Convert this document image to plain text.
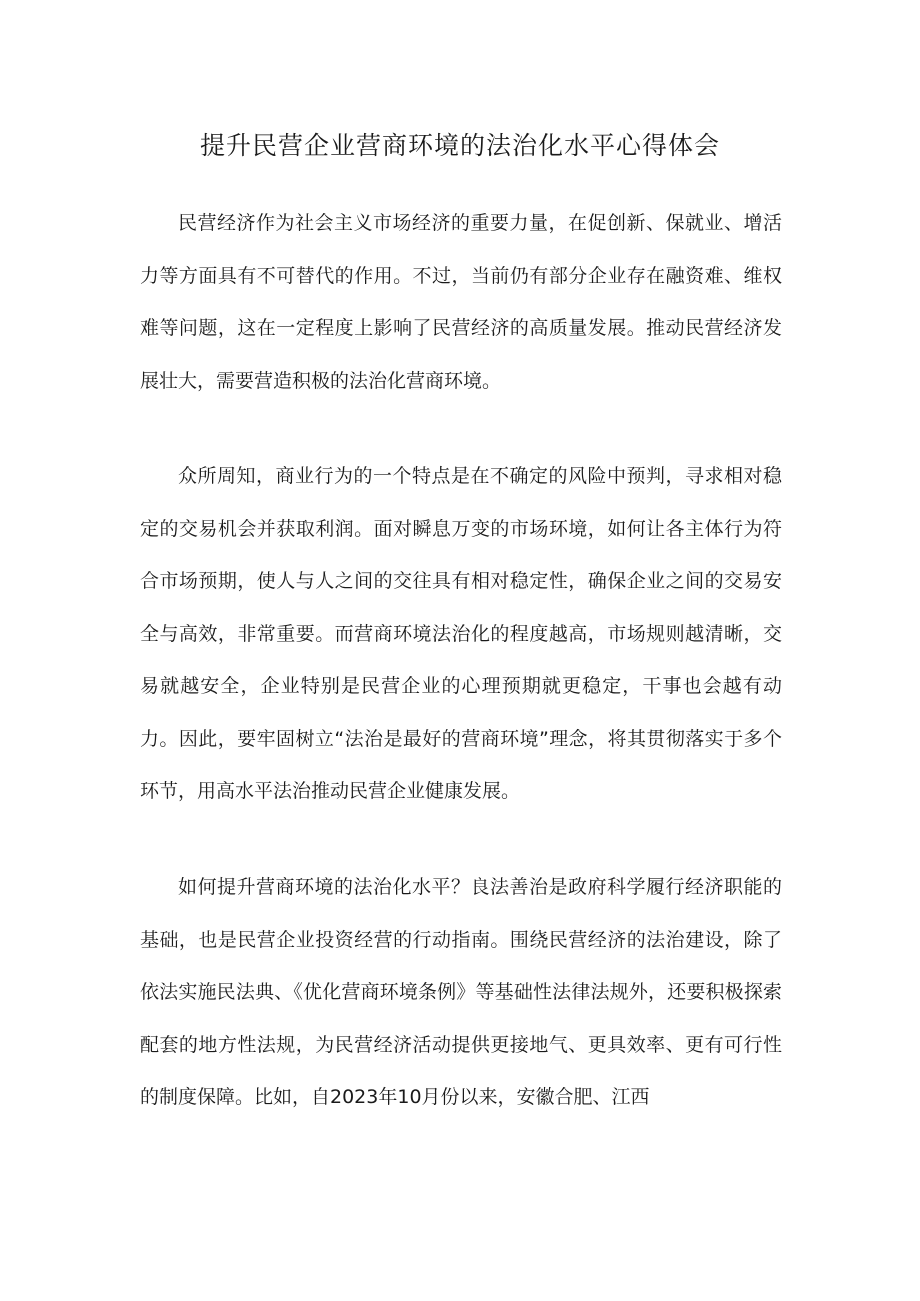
提升民营企业营商环境的法治化水平心得体会

民营经济作为社会主义市场经济的重要力量，在促创新、保就业、增活力等方面具有不可替代的作用。不过，当前仍有部分企业存在融资难、维权难等问题，这在一定程度上影响了民营经济的高质量发展。推动民营经济发展壮大，需要营造积极的法治化营商环境。

众所周知，商业行为的一个特点是在不确定的风险中预判，寻求相对稳定的交易机会并获取利润。面对瞬息万变的市场环境，如何让各主体行为符合市场预期，使人与人之间的交往具有相对稳定性，确保企业之间的交易安全与高效，非常重要。而营商环境法治化的程度越高，市场规则越清晰，交易就越安全，企业特别是民营企业的心理预期就更稳定，干事也会越有动力。因此，要牢固树立“法治是最好的营商环境”理念，将其贯彻落实于多个环节，用高水平法治推动民营企业健康发展。

如何提升营商环境的法治化水平？良法善治是政府科学履行经济职能的基础，也是民营企业投资经营的行动指南。围绕民营经济的法治建设，除了依法实施民法典、《优化营商环境条例》等基础性法律法规外，还要积极探索配套的地方性法规，为民营经济活动提供更接地气、更具效率、更有可行性的制度保障。比如，自2023年10月份以来，安徽合肥、江西
